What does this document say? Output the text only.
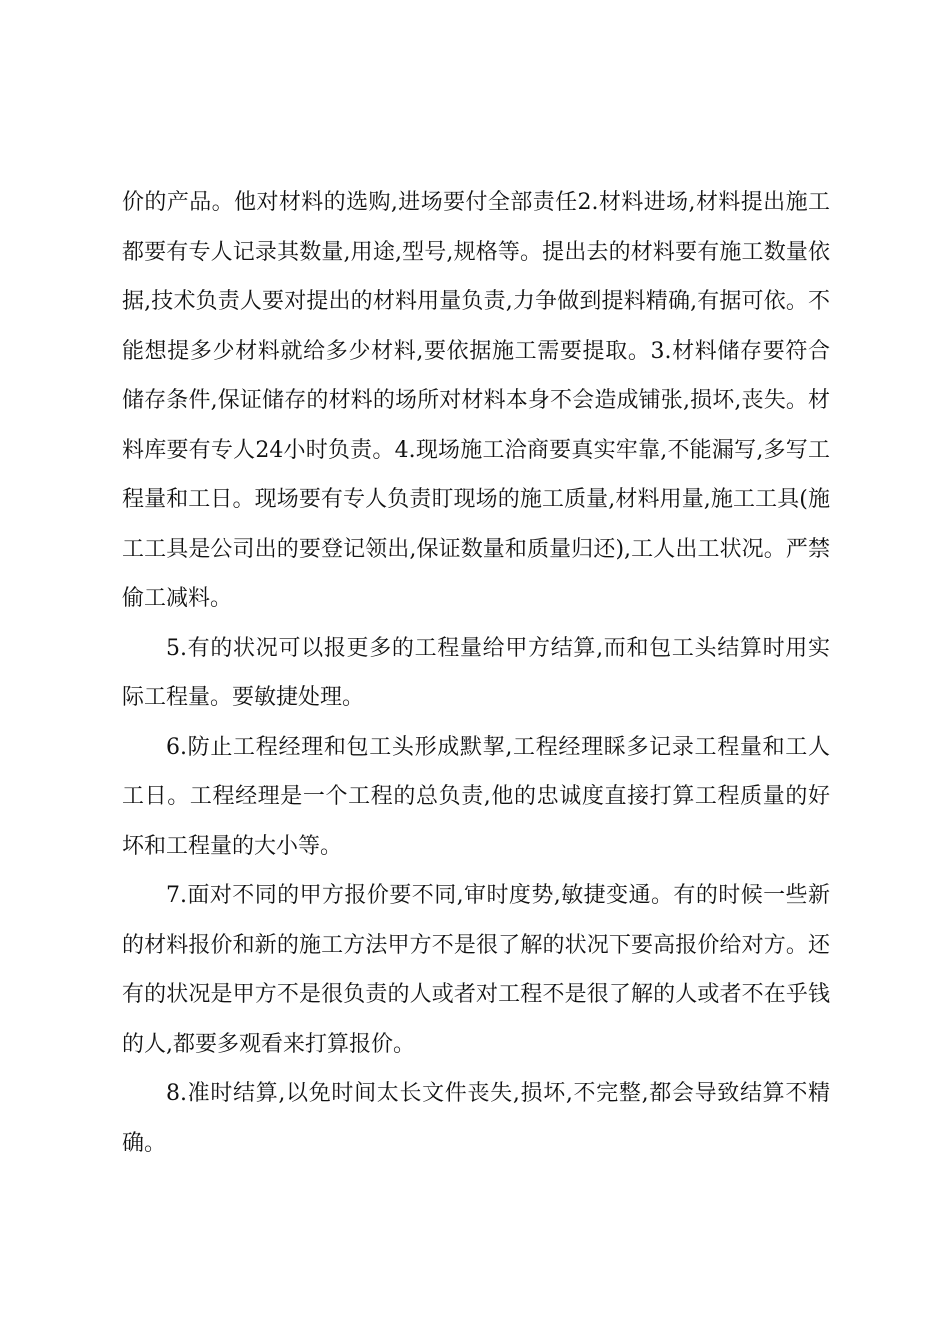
价的产品。他对材料的选购,进场要付全部责任2.材料进场,材料提出施工都要有专人记录其数量,用途,型号,规格等。提出去的材料要有施工数量依据,技术负责人要对提出的材料用量负责,力争做到提料精确,有据可依。不能想提多少材料就给多少材料,要依据施工需要提取。3.材料储存要符合储存条件,保证储存的材料的场所对材料本身不会造成铺张,损坏,丧失。材料库要有专人24小时负责。4.现场施工洽商要真实牢靠,不能漏写,多写工程量和工日。现场要有专人负责盯现场的施工质量,材料用量,施工工具(施工工具是公司出的要登记领出,保证数量和质量归还),工人出工状况。严禁偷工减料。

5.有的状况可以报更多的工程量给甲方结算,而和包工头结算时用实际工程量。要敏捷处理。

6.防止工程经理和包工头形成默挈,工程经理睬多记录工程量和工人工日。工程经理是一个工程的总负责,他的忠诚度直接打算工程质量的好坏和工程量的大小等。

7.面对不同的甲方报价要不同,审时度势,敏捷变通。有的时候一些新的材料报价和新的施工方法甲方不是很了解的状况下要高报价给对方。还有的状况是甲方不是很负责的人或者对工程不是很了解的人或者不在乎钱的人,都要多观看来打算报价。

8.准时结算,以免时间太长文件丧失,损坏,不完整,都会导致结算不精确。
